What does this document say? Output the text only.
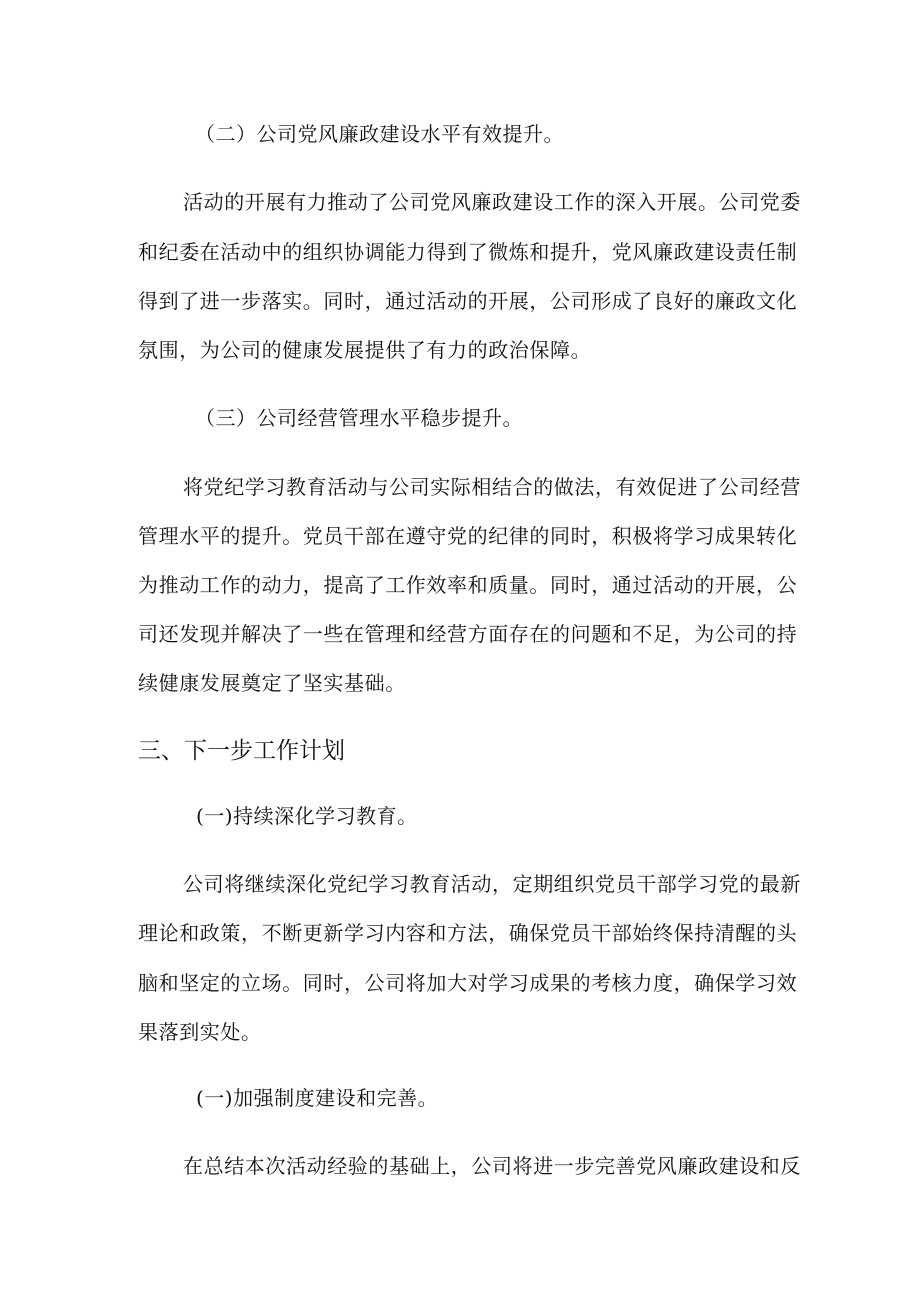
（二）公司党风廉政建设水平有效提升。
活动的开展有力推动了公司党风廉政建设工作的深入开展。公司党委
和纪委在活动中的组织协调能力得到了微炼和提升，党风廉政建设责任制
得到了进一步落实。同时，通过活动的开展，公司形成了良好的廉政文化
氛围，为公司的健康发展提供了有力的政治保障。
（三）公司经营管理水平稳步提升。
将党纪学习教育活动与公司实际相结合的做法，有效促进了公司经营
管理水平的提升。党员干部在遵守党的纪律的同时，积极将学习成果转化
为推动工作的动力，提高了工作效率和质量。同时，通过活动的开展，公
司还发现并解决了一些在管理和经营方面存在的问题和不足，为公司的持
续健康发展奠定了坚实基础。
三、下一步工作计划
(一)持续深化学习教育。
公司将继续深化党纪学习教育活动，定期组织党员干部学习党的最新
理论和政策，不断更新学习内容和方法，确保党员干部始终保持清醒的头
脑和坚定的立场。同时，公司将加大对学习成果的考核力度，确保学习效
果落到实处。
(一)加强制度建设和完善。
在总结本次活动经验的基础上，公司将进一步完善党风廉政建设和反
